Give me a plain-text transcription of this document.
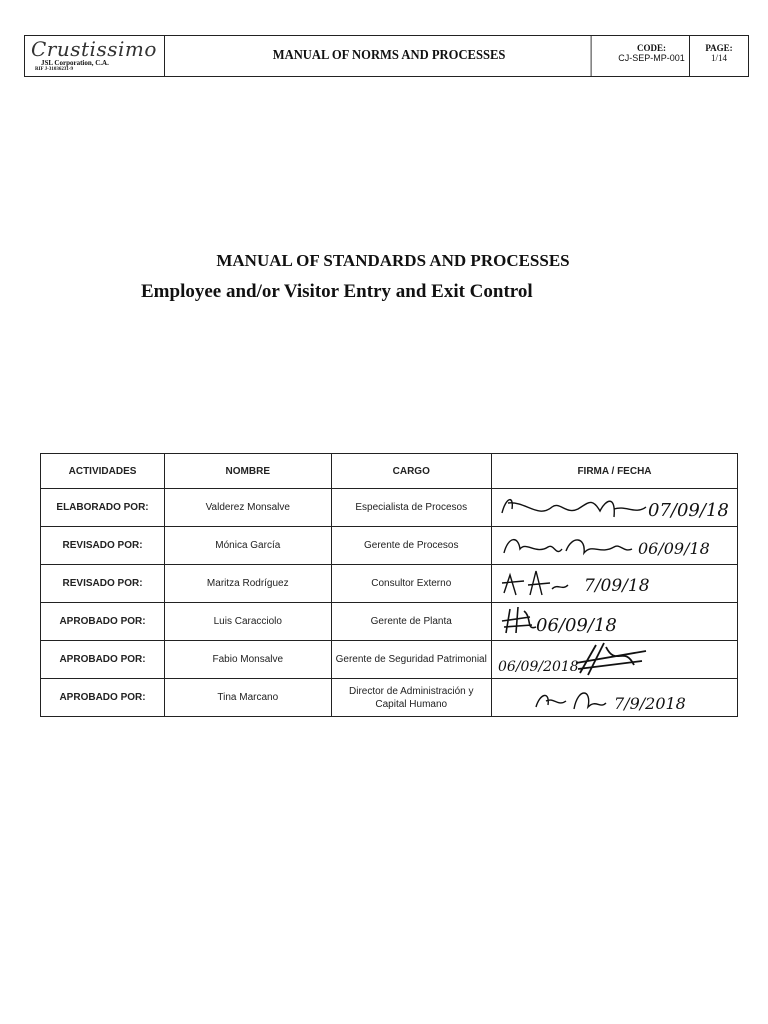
Crustissimo
JSL Corporation, C.A.
RIF J-31036231-9
MANUAL OF NORMS AND PROCESSES	CODE:
CJ-SEP-MP-001
PAGE:
1/14
MANUAL OF STANDARDS AND PROCESSES
Employee and/or Visitor Entry and Exit Control
ACTIVIDADES	NOMBRE	CARGO	FIRMA / FECHA
ELABORADO POR:	Valderez Monsalve	Especialista de Procesos	07/09/18

REVISADO POR:	Mónica García	Gerente de Procesos	06/09/18

REVISADO POR:	Maritza Rodríguez	Consultor Externo	7/09/18

APROBADO POR:	Luis Caracciolo	Gerente de Planta	06/09/18

APROBADO POR:	Fabio Monsalve	Gerente de Seguridad Patrimonial	06/09/2018

APROBADO POR:	Tina Marcano	Director de Administración y Capital Humano	7/9/2018
